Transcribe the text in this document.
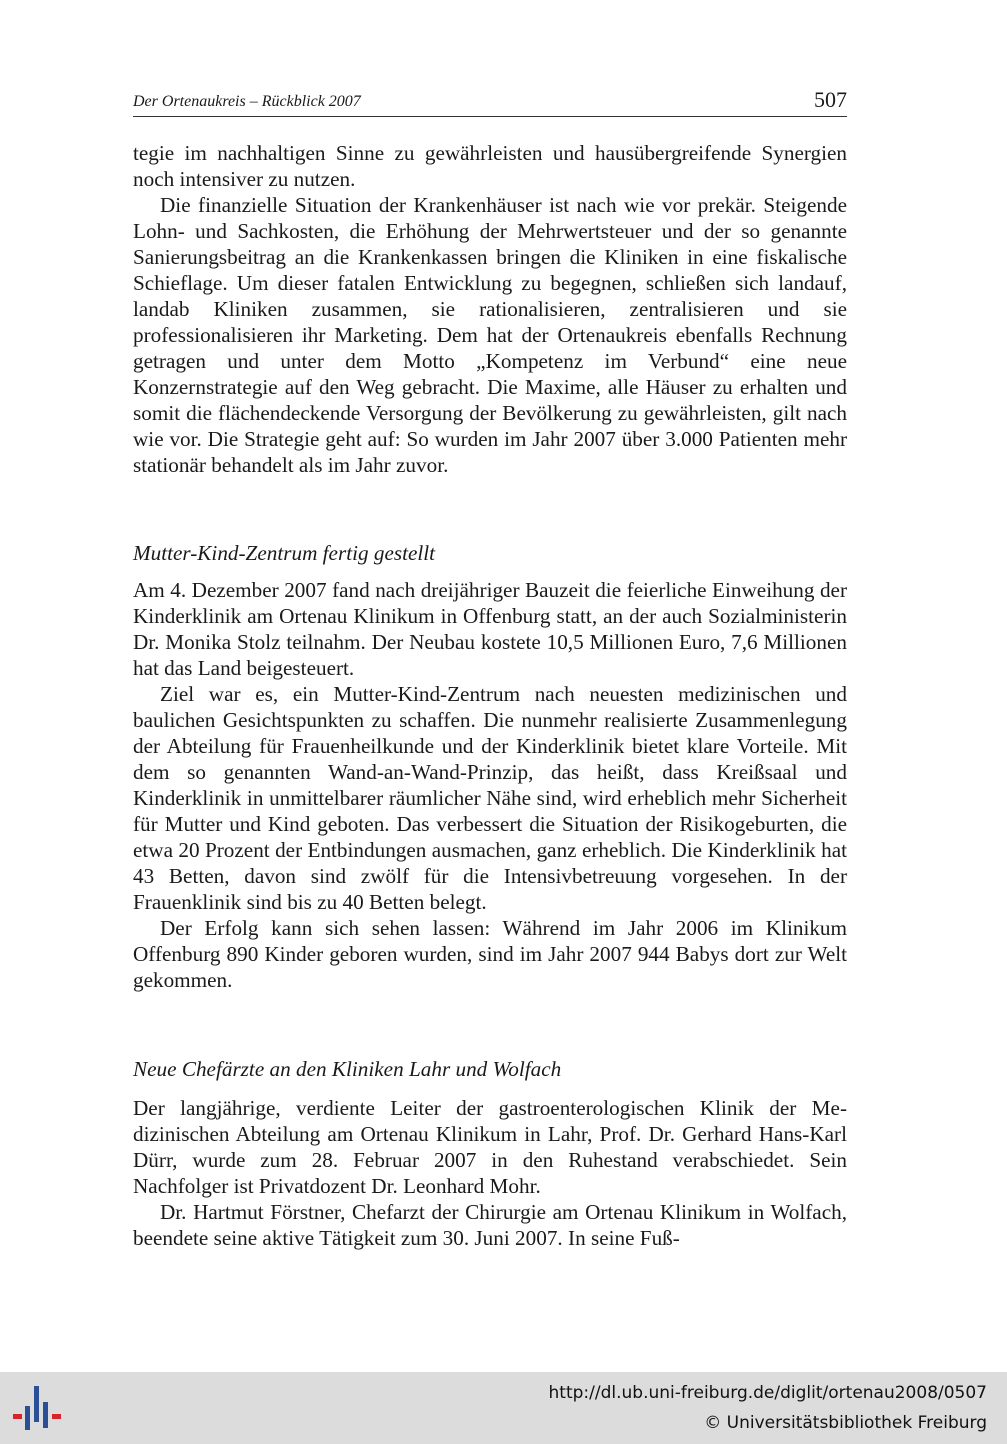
Der Ortenaukreis – Rückblick 2007	507

tegie im nachhaltigen Sinne zu gewährleisten und hausübergreifende Synergien noch intensiver zu nutzen.

Die finanzielle Situation der Krankenhäuser ist nach wie vor prekär. Steigende Lohn- und Sachkosten, die Erhöhung der Mehrwertsteuer und der so genannte Sanierungsbeitrag an die Krankenkassen bringen die Kliniken in eine fiskalische Schieflage. Um dieser fatalen Entwicklung zu begegnen, schließen sich landauf, landab Kliniken zusammen, sie rationalisieren, zentralisieren und sie professionalisieren ihr Marketing. Dem hat der Ortenaukreis ebenfalls Rechnung getragen und unter dem Motto „Kompetenz im Verbund“ eine neue Konzernstrategie auf den Weg gebracht. Die Maxime, alle Häuser zu erhalten und somit die flächendeckende Versorgung der Bevölkerung zu gewährleisten, gilt nach wie vor. Die Strategie geht auf: So wurden im Jahr 2007 über 3.000 Patienten mehr stationär behandelt als im Jahr zuvor.

Mutter-Kind-Zentrum fertig gestellt

Am 4. Dezember 2007 fand nach dreijähriger Bauzeit die feierliche Einweihung der Kinderklinik am Ortenau Klinikum in Offenburg statt, an der auch Sozialministerin Dr. Monika Stolz teilnahm. Der Neubau kostete 10,5 Millionen Euro, 7,6 Millionen hat das Land beigesteuert.

Ziel war es, ein Mutter-Kind-Zentrum nach neuesten medizinischen und baulichen Gesichtspunkten zu schaffen. Die nunmehr realisierte Zusammenlegung der Abteilung für Frauenheilkunde und der Kinderklinik bietet klare Vorteile. Mit dem so genannten Wand-an-Wand-Prinzip, das heißt, dass Kreißsaal und Kinderklinik in unmittelbarer räumlicher Nähe sind, wird erheblich mehr Sicherheit für Mutter und Kind geboten. Das verbessert die Situation der Risikogeburten, die etwa 20 Prozent der Entbindungen ausmachen, ganz erheblich. Die Kinderklinik hat 43 Betten, davon sind zwölf für die Intensivbetreuung vorgesehen. In der Frauenklinik sind bis zu 40 Betten belegt.

Der Erfolg kann sich sehen lassen: Während im Jahr 2006 im Klinikum Offenburg 890 Kinder geboren wurden, sind im Jahr 2007 944 Babys dort zur Welt gekommen.

Neue Chefärzte an den Kliniken Lahr und Wolfach

Der langjährige, verdiente Leiter der gastroenterologischen Klinik der Medizinischen Abteilung am Ortenau Klinikum in Lahr, Prof. Dr. Gerhard Hans-Karl Dürr, wurde zum 28. Februar 2007 in den Ruhestand verabschiedet. Sein Nachfolger ist Privatdozent Dr. Leonhard Mohr.

Dr. Hartmut Förstner, Chefarzt der Chirurgie am Ortenau Klinikum in Wolfach, beendete seine aktive Tätigkeit zum 30. Juni 2007. In seine Fuß-

http://dl.ub.uni-freiburg.de/diglit/ortenau2008/0507
© Universitätsbibliothek Freiburg
